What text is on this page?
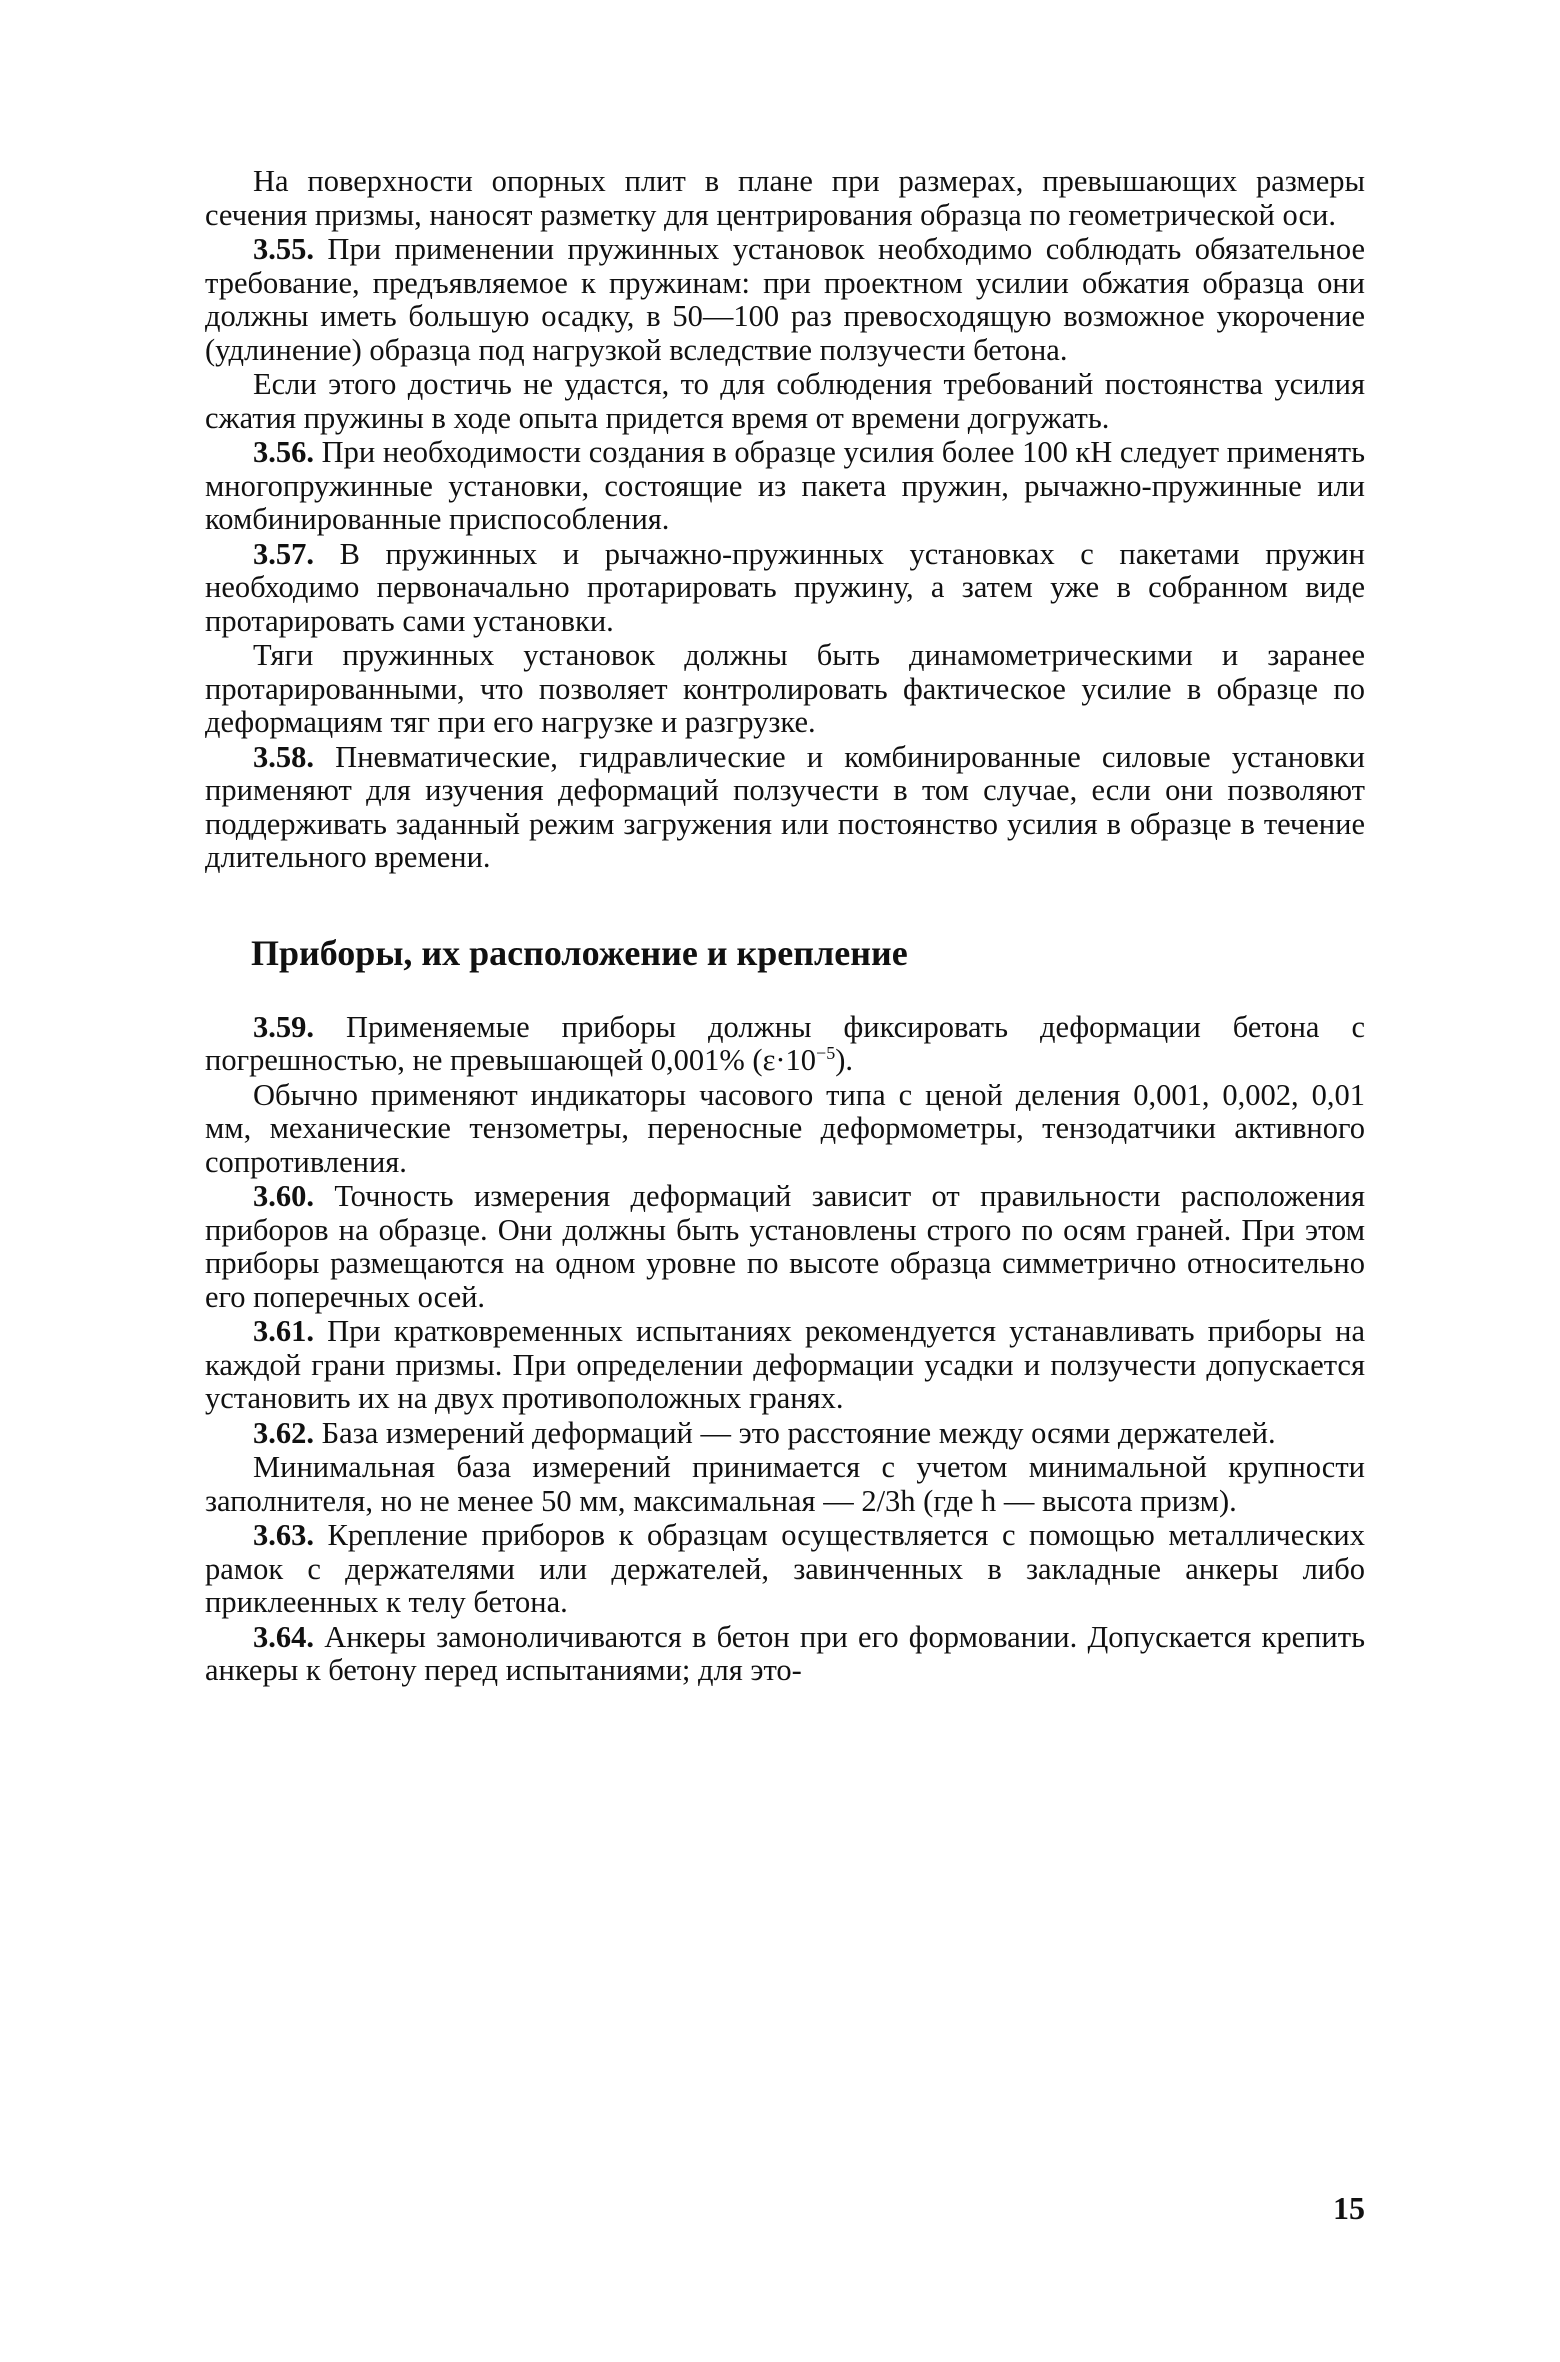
На поверхности опорных плит в плане при размерах, превышающих размеры сечения призмы, наносят разметку для центрирования образца по геометрической оси.

3.55. При применении пружинных установок необходимо соблюдать обязательное требование, предъявляемое к пружинам: при проектном усилии обжатия образца они должны иметь большую осадку, в 50—100 раз превосходящую возможное укорочение (удлинение) образца под нагрузкой вследствие ползучести бетона.

Если этого достичь не удастся, то для соблюдения требований постоянства усилия сжатия пружины в ходе опыта придется время от времени догружать.

3.56. При необходимости создания в образце усилия более 100 кН следует применять многопружинные установки, состоящие из пакета пружин, рычажно-пружинные или комбинированные приспособления.

3.57. В пружинных и рычажно-пружинных установках с пакетами пружин необходимо первоначально протарировать пружину, а затем уже в собранном виде протарировать сами установки.

Тяги пружинных установок должны быть динамометрическими и заранее протарированными, что позволяет контролировать фактическое усилие в образце по деформациям тяг при его нагрузке и разгрузке.

3.58. Пневматические, гидравлические и комбинированные силовые установки применяют для изучения деформаций ползучести в том случае, если они позволяют поддерживать заданный режим загружения или постоянство усилия в образце в течение длительного времени.

Приборы, их расположение и крепление

3.59. Применяемые приборы должны фиксировать деформации бетона с погрешностью, не превышающей 0,001% $(\varepsilon\cdot 10^{-5})$.

Обычно применяют индикаторы часового типа с ценой деления 0,001, 0,002, 0,01 мм, механические тензометры, переносные деформометры, тензодатчики активного сопротивления.

3.60. Точность измерения деформаций зависит от правильности расположения приборов на образце. Они должны быть установлены строго по осям граней. При этом приборы размещаются на одном уровне по высоте образца симметрично относительно его поперечных осей.

3.61. При кратковременных испытаниях рекомендуется устанавливать приборы на каждой грани призмы. При определении деформации усадки и ползучести допускается установить их на двух противоположных гранях.

3.62. База измерений деформаций — это расстояние между осями держателей.

Минимальная база измерений принимается с учетом минимальной крупности заполнителя, но не менее 50 мм, максимальная — 2/3h (где h — высота призм).

3.63. Крепление приборов к образцам осуществляется с помощью металлических рамок с держателями или держателей, завинченных в закладные анкеры либо приклеенных к телу бетона.

3.64. Анкеры замоноличиваются в бетон при его формовании. Допускается крепить анкеры к бетону перед испытаниями; для это-

15
